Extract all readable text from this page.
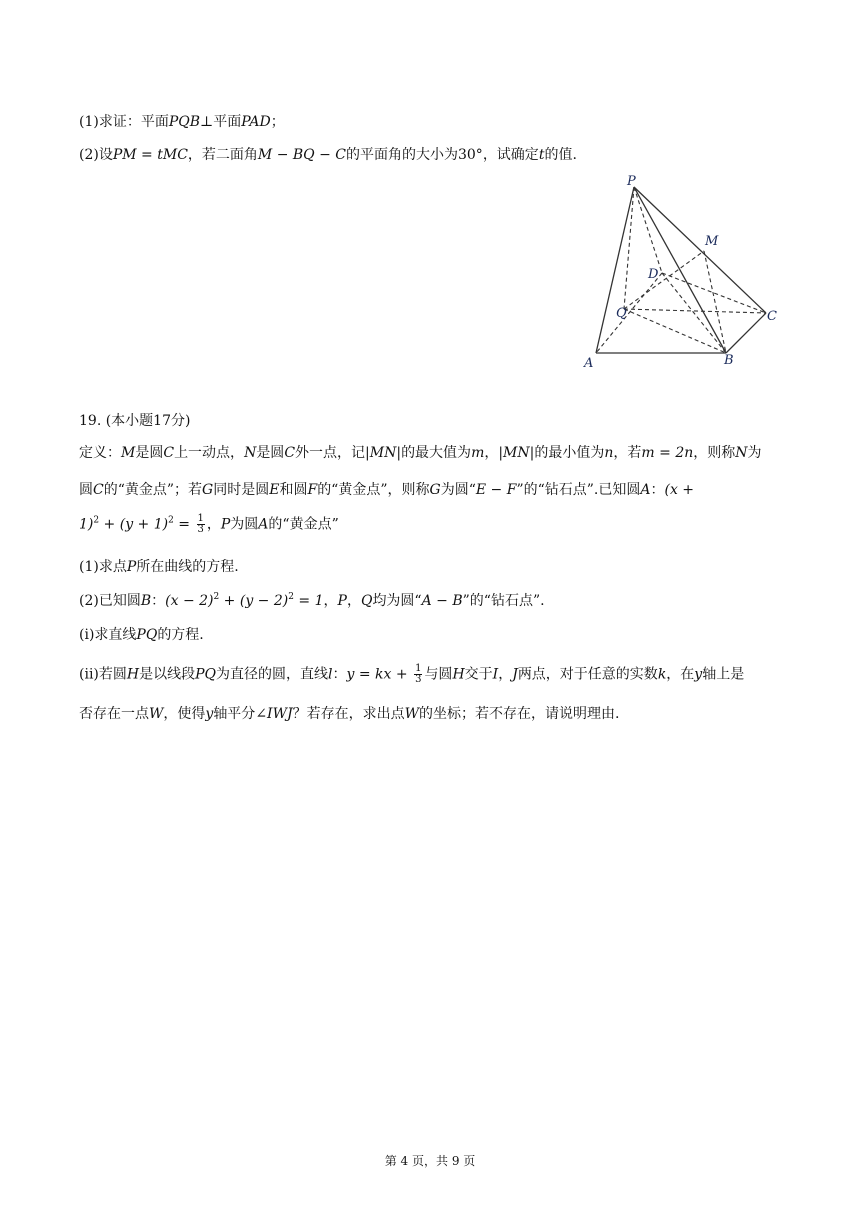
(1)求证：平面PQB⊥平面PAD；
(2)设PM = tMC，若二面角M − BQ − C的平面角的大小为30°，试确定t的值.
P
M
D
Q	C
A	B
19. (本小题17分)
定义：M是圆C上一动点，N是圆C外一点，记|MN|的最大值为m，|MN|的最小值为n，若m = 2n，则称N为
圆C的“黄金点”；若G同时是圆E和圆F的“黄金点”，则称G为圆“E − F”的“钻石点”.已知圆A：(x +
$1)^2 + (y + 1)^2 = \frac{1}{3}$ ，P为圆A的“黄金点”
(1)求点P所在曲线的方程.
(2)已知圆B：$(x - 2)^2 + (y - 2)^2 = 1$，P，Q均为圆“A − B”的“钻石点”.
(i)求直线PQ的方程.
(ii)若圆H是以线段PQ为直径的圆，直线l：y = kx + $\frac{1}{3}$ 与圆H交于I，J两点，对于任意的实数k，在y轴上是
否存在一点W，使得y轴平分∠IWJ？若存在，求出点W的坐标；若不存在，请说明理由.
第 4 页，共 9 页
